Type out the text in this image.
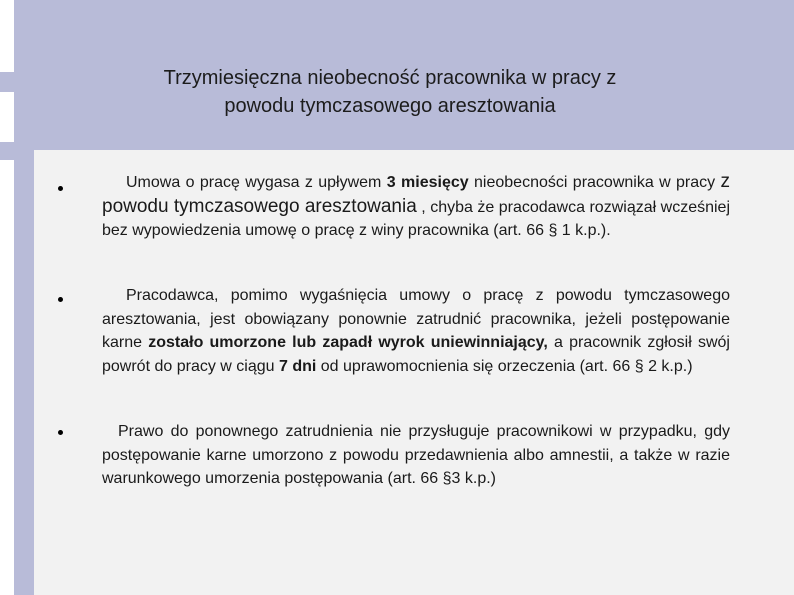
Trzymiesięczna nieobecność pracownika w pracy z
powodu tymczasowego aresztowania
Umowa o pracę wygasa z upływem 3 miesięcy nieobecności pracownika w pracy z powodu tymczasowego aresztowania , chyba że pracodawca rozwiązał wcześniej bez wypowiedzenia umowę o pracę z winy pracownika (art. 66 § 1 k.p.).
Pracodawca, pomimo wygaśnięcia umowy o pracę z powodu tymczasowego aresztowania, jest obowiązany ponownie zatrudnić pracownika, jeżeli postępowanie karne zostało umorzone lub zapadł wyrok uniewinniający, a pracownik zgłosił swój powrót do pracy w ciągu 7 dni od uprawomocnienia się orzeczenia (art. 66 § 2 k.p.)
Prawo do ponownego zatrudnienia nie przysługuje pracownikowi w przypadku, gdy postępowanie karne umorzono z powodu przedawnienia albo amnestii, a także w razie warunkowego umorzenia postępowania (art. 66 §3 k.p.)
